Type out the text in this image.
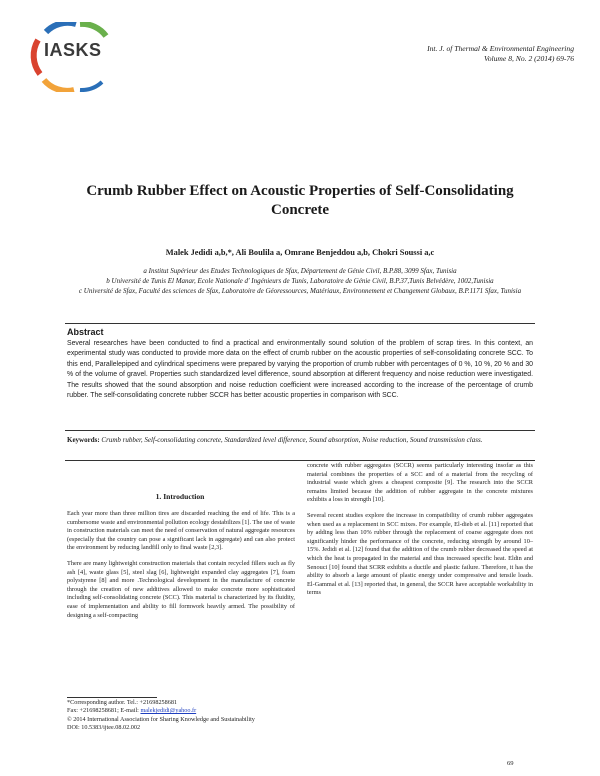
IASKS	Int. J. of Thermal & Environmental Engineering
Volume 8, No. 2 (2014) 69-76
Crumb Rubber Effect on Acoustic Properties of Self-Consolidating Concrete
Malek Jedidi a,b,*, Ali Boulila a, Omrane Benjeddou a,b, Chokri Soussi a,c
a Institut Supérieur des Etudes Technologiques de Sfax, Département de Génie Civil, B.P.88, 3099 Sfax, Tunisia
b Université de Tunis El Manar, Ecole Nationale d' Ingénieurs de Tunis, Laboratoire de Génie Civil, B.P.37,Tunis Belvédère, 1002,Tunisia
c Université de Sfax, Faculté des sciences de Sfax, Laboratoire de Géoressources, Matériaux, Environnement et Changement Globaux, B.P.1171 Sfax, Tunisia
Abstract
Several researches have been conducted to find a practical and environmentally sound solution of the problem of scrap tires. In this context, an experimental study was conducted to provide more data on the effect of crumb rubber on the acoustic properties of self-consolidating concrete SCC. To this end, Parallelepiped and cylindrical specimens were prepared by varying the proportion of crumb rubber with percentages of 0 %, 10 %, 20 % and 30 % of the volume of gravel. Properties such standardized level difference, sound absorption at different frequency and noise reduction were investigated. The results showed that the sound absorption and noise reduction coefficient were increased according to the increase of the percentage of crumb rubber. The self-consolidating concrete rubber SCCR has better acoustic properties in comparison with SCC.
Keywords: Crumb rubber, Self-consolidating concrete, Standardized level difference, Sound absorption, Noise reduction, Sound transmission class.
1. Introduction

Each year more than three million tires are discarded reaching the end of life. This is a cumbersome waste and environmental pollution ecology destabilizes [1]. The use of waste in construction materials can meet the need of conservation of natural aggregate resources (especially that the country can pose a significant lack in aggregate) and can also protect the environment by reducing landfill only to final waste [2,3].

There are many lightweight construction materials that contain recycled fillers such as fly ash [4], waste glass [5], steel slag [6], lightweight expanded clay aggregates [7], foam polystyrene [8] and more .Technological development in the manufacture of concrete through the creation of new additives allowed to make concrete more sophisticated including self-consolidating concrete (SCC). This material is characterized by its fluidity, ease of implementation and ability to fill formwork heavily armed. The possibility of designing a self-compacting

concrete with rubber aggregates (SCCR) seems particularly interesting insofar as this material combines the properties of a SCC and of a material from the recycling of industrial waste which gives a cheapest composite [9]. The research into the SCCR remains limited because the addition of rubber aggregate in the concrete mixtures exhibits a loss in strength [10].

Several recent studies explore the increase in compatibility of crumb rubber aggregates when used as a replacement in SCC mixes. For example, El-dieb et al. [11] reported that by adding less than 10% rubber through the replacement of coarse aggregate does not significantly hinder the performance of the concrete, reducing strength by around 10–15%. Jedidi et al. [12] found that the addition of the crumb rubber decreased the speed at which the heat is propagated in the material and thus increased specific heat. Eldin and Senouci [10] found that SCRR exhibits a ductile and plastic failure. Therefore, it has the ability to absorb a large amount of plastic energy under compressive and tensile loads. El-Gammal et al. [13] reported that, in general, the SCCR have acceptable workability in terms

*Corresponding author. Tel.: +21698258681
Fax: +21698258681; E-mail: malekjedidi@yahoo.fr
© 2014 International Association for Sharing Knowledge and Sustainability
DOI: 10.5383/ijtee.08.02.002
69
